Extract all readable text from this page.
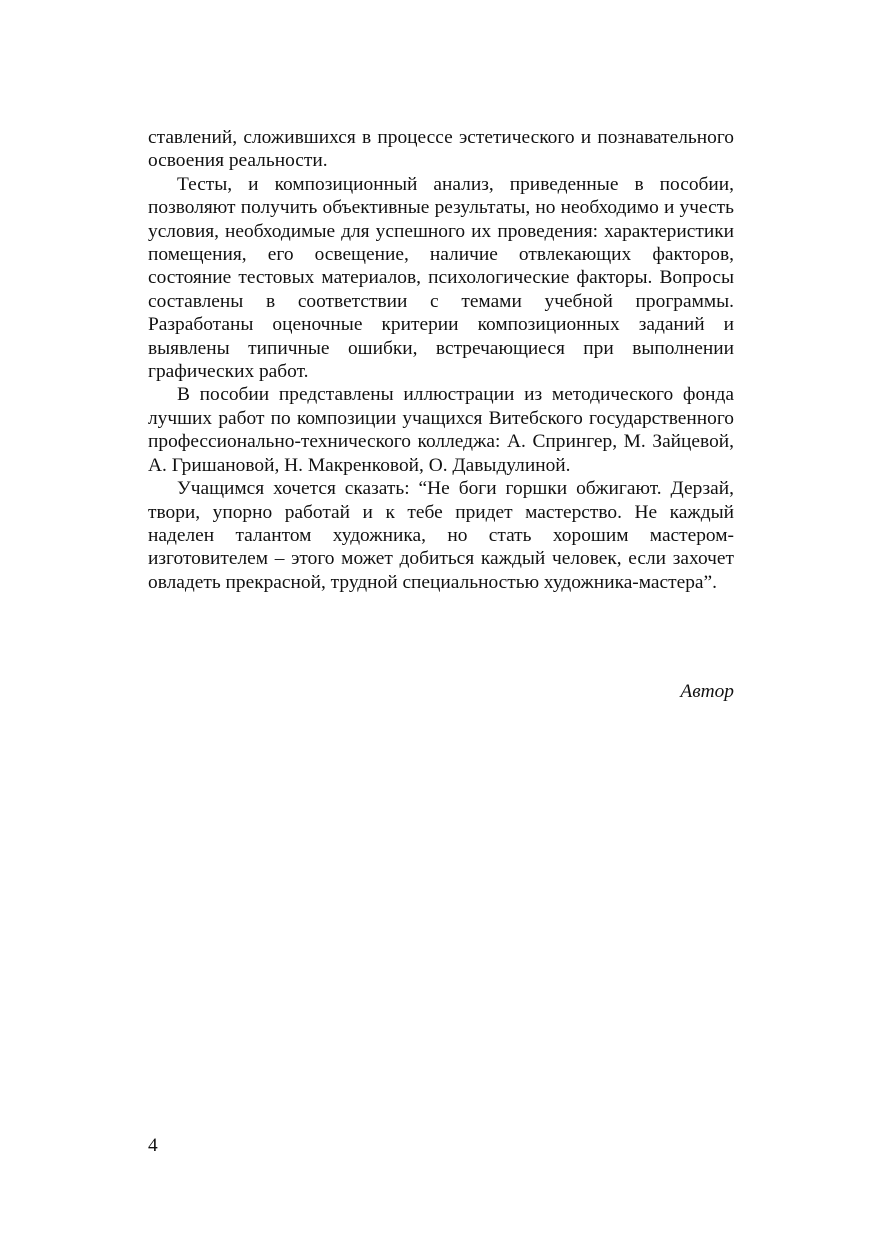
ставлений, сложившихся в процессе эстетического и познавательного освоения реальности.

Тесты, и композиционный анализ, приведенные в пособии, позволяют получить объективные результаты, но необходимо и учесть условия, необходимые для успешного их проведения: характеристики помещения, его освещение, наличие отвлекающих факторов, состояние тестовых материалов, психологические факторы. Вопросы составлены в соответствии с темами учебной программы. Разработаны оценочные критерии композиционных заданий и выявлены типичные ошибки, встречающиеся при выполнении графических работ.

В пособии представлены иллюстрации из методического фонда лучших работ по композиции учащихся Витебского государственного профессионально-технического колледжа: А. Спрингер, М. Зайцевой, А. Гришановой, Н. Макренковой, О. Давыдулиной.

Учащимся хочется сказать: “Не боги горшки обжигают. Дерзай, твори, упорно работай и к тебе придет мастерство. Не каждый наделен талантом художника, но стать хорошим мастером-изготовителем – этого может добиться каждый человек, если захочет овладеть прекрасной, трудной специальностью художника-мастера”.

Автор
4
